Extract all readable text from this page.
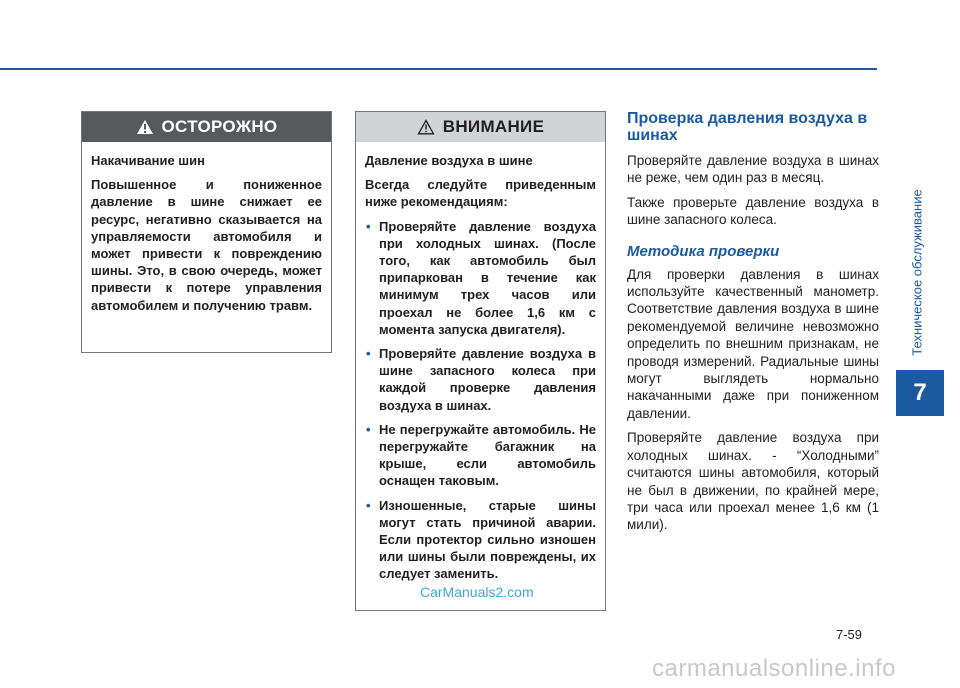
Техническое обслуживание
7
ОСТОРОЖНО

Накачивание шин

Повышенное и пониженное давление в шине снижает ее ресурс, негативно сказывается на управляемости автомобиля и может привести к повреждению шины. Это, в свою очередь, может привести к потере управления автомобилем и получению травм.

ВНИМАНИЕ

Давление воздуха в шине

Всегда следуйте приведенным ниже рекомендациям:

• Проверяйте давление воздуха при холодных шинах. (После того, как автомобиль был припаркован в течение как минимум трех часов или проехал не более 1,6 км с момента запуска двигателя).
• Проверяйте давление воздуха в шине запасного колеса при каждой проверке давления воздуха в шинах.
• Не перегружайте автомобиль. Не перегружайте багажник на крыше, если автомобиль оснащен таковым.
• Изношенные, старые шины могут стать причиной аварии. Если протектор сильно изношен или шины были повреждены, их следует заменить.
CarManuals2.com
Проверка давления воздуха в шинах

Проверяйте давление воздуха в шинах не реже, чем один раз в месяц.

Также проверьте давление воздуха в шине запасного колеса.

Методика проверки

Для проверки давления в шинах используйте качественный манометр. Соответствие давления воздуха в шине рекомендуемой величине невозможно определить по внешним признакам, не проводя измерений. Радиальные шины могут выглядеть нормально накачанными даже при пониженном давлении.

Проверяйте давление воздуха при холодных шинах. - “Холодными” считаются шины автомобиля, который не был в движении, по крайней мере, три часа или проехал менее 1,6 км (1 мили).

7-59
carmanualsonline.info
